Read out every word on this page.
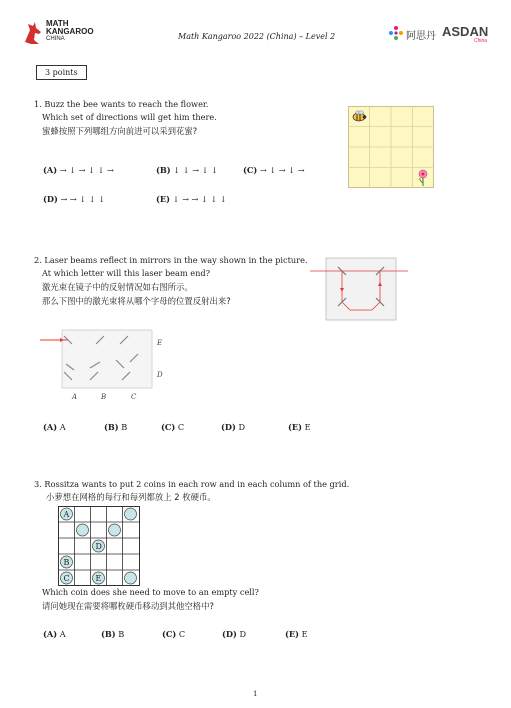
MATH
KANGAROO
CHINA	Math Kangaroo 2022 (China) – Level 2	阿思丹 ASDAN
China
3 points
1. Buzz the bee wants to reach the flower.
Which set of directions will get him there.
蜜蜂按照下列哪组方向前进可以采到花蜜?
(A) → ↓ → ↓ ↓ →	(B) ↓ ↓ → ↓ ↓	(C) → ↓ → ↓ →
(D) → → ↓ ↓ ↓	(E) ↓ → → ↓ ↓ ↓
2. Laser beams reflect in mirrors in the way shown in the picture.
At which letter will this laser beam end?
激光束在镜子中的反射情况如右图所示。
那么下图中的激光束将从哪个字母的位置反射出来?
A	B	C
D
E
(A) A	(B) B	(C) C	(D) D	(E) E
3. Rossitza wants to put 2 coins in each row and in each column of the grid.
小萝想在网格的每行和每列都放上 2 枚硬币。
A
D
B
C	E
Which coin does she need to move to an empty cell?
请问她现在需要将哪枚硬币移动到其他空格中?
(A) A	(B) B	(C) C	(D) D	(E) E
1
